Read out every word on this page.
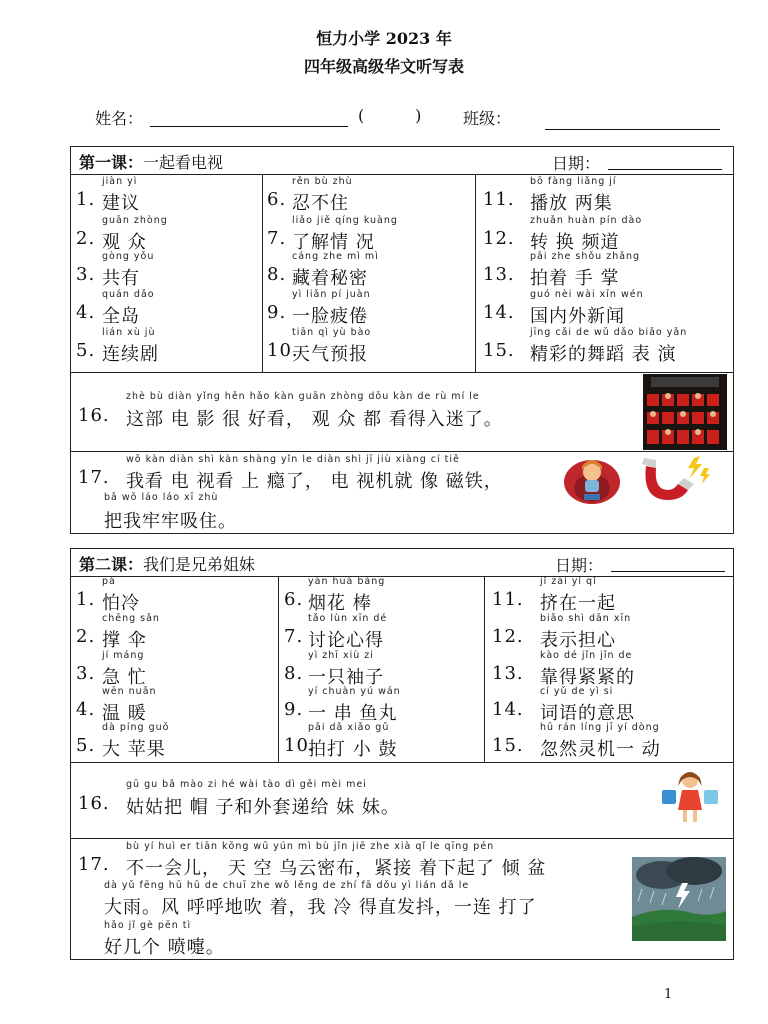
恒力小学 2023 年
四年级高级华文听写表
姓名：	(          )	班级：
第一课：一起看电视	日期：
jiàn yì
1. 建议
guān zhòng
2. 观 众
gòng yǒu
3. 共有
quán dǎo
4. 全岛
lián xù jù
5. 连续剧
rěn bù zhù
6. 忍不住
liǎo jiě qíng kuàng
7. 了解情 况
cáng zhe mì mì
8. 藏着秘密
yì liǎn pí juàn
9. 一脸疲倦
tiān qì yù bào
10.
天气预报
bō fàng liǎng jí
11. 播放 两集
zhuǎn huàn pín dào
12. 转 换 频道
pāi zhe shǒu zhǎng
13. 拍着 手 掌
guó nèi wài xīn wén
14. 国内外新闻
jīng cǎi de wǔ dǎo biǎo yǎn
15. 精彩的舞蹈 表 演
zhè bù diàn yǐng hěn hǎo kàn guān zhòng dōu kàn de rù mí le
16. 这部 电 影 很 好看， 观 众 都 看得入迷了。
wǒ kàn diàn shì kàn shàng yǐn le diàn shì jī jiù xiàng cí tiě
17. 我看 电 视看 上 瘾了， 电 视机就 像 磁铁，
bǎ wǒ láo láo xī zhù
把我牢牢吸住。
第二课：我们是兄弟姐妹	日期：
pà
1. 怕冷
chēng sǎn
2. 撑 伞
jí máng
3. 急 忙
wēn nuǎn
4. 温 暖
dà píng guǒ
5. 大 苹果
yān huā bàng
6. 烟花 棒
tǎo lùn xīn dé
7. 讨论心得
yì zhī xiù zi
8. 一只袖子
yí chuàn yú wán
9. 一 串 鱼丸
pāi dǎ xiǎo gǔ
10.
拍打 小 鼓
jǐ zài yì qǐ
11. 挤在一起
biǎo shì dān xīn
12. 表示担心
kào dé jǐn jǐn de
13. 靠得紧紧的
cí yǔ de yì si
14. 词语的意思
hū rán líng jī yí dòng
15. 忽然灵机一 动
gū gu bǎ mào zi hé wài tào dì gěi mèi mei
16. 姑姑把 帽 子和外套递给 妹 妹。
bù yí huì er tiān kōng wū yún mì bù jǐn jiē zhe xià qǐ le qīng pén
17. 不一会儿， 天 空 乌云密布，紧接 着下起了 倾 盆
dà yǔ fēng hū hū de chuī zhe wǒ lěng de zhí fā dǒu yì lián dǎ le
大雨。风 呼呼地吹 着，我 冷 得直发抖，一连 打了
hǎo jǐ gè pēn tì
好几个 喷嚏。
1
